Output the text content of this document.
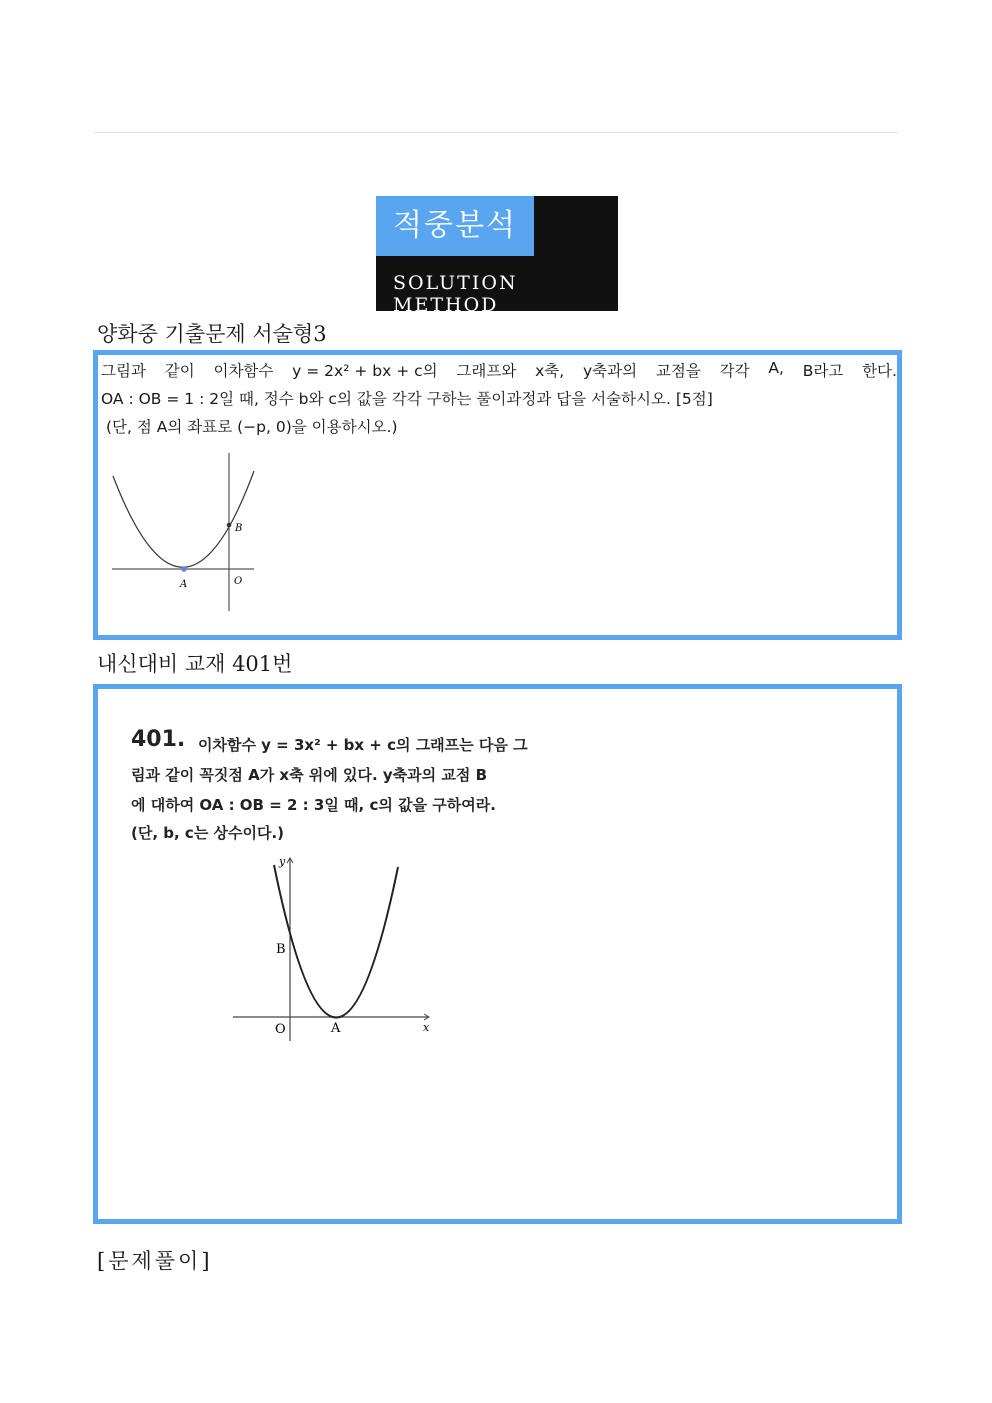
적중분석
SOLUTION METHOD
양화중 기출문제 서술형3
그림과 같이 이차함수 y = 2x² + bx + c의 그래프와 x축, y축과의 교점을 각각 A, B라고 한다.
OA : OB = 1 : 2일 때, 정수 b와 c의 값을 각각 구하는 풀이과정과 답을 서술하시오. [5점]
(단, 점 A의 좌표로 (−p, 0)을 이용하시오.)
A
B
O
내신대비 교재 401번
401. 이차함수 y = 3x² + bx + c의 그래프는 다음 그
림과 같이 꼭짓점 A가 x축 위에 있다. y축과의 교점 B
에 대하여 OA : OB = 2 : 3일 때, c의 값을 구하여라.
(단, b, c는 상수이다.)
y
B
O	A	x
[문제풀이]
